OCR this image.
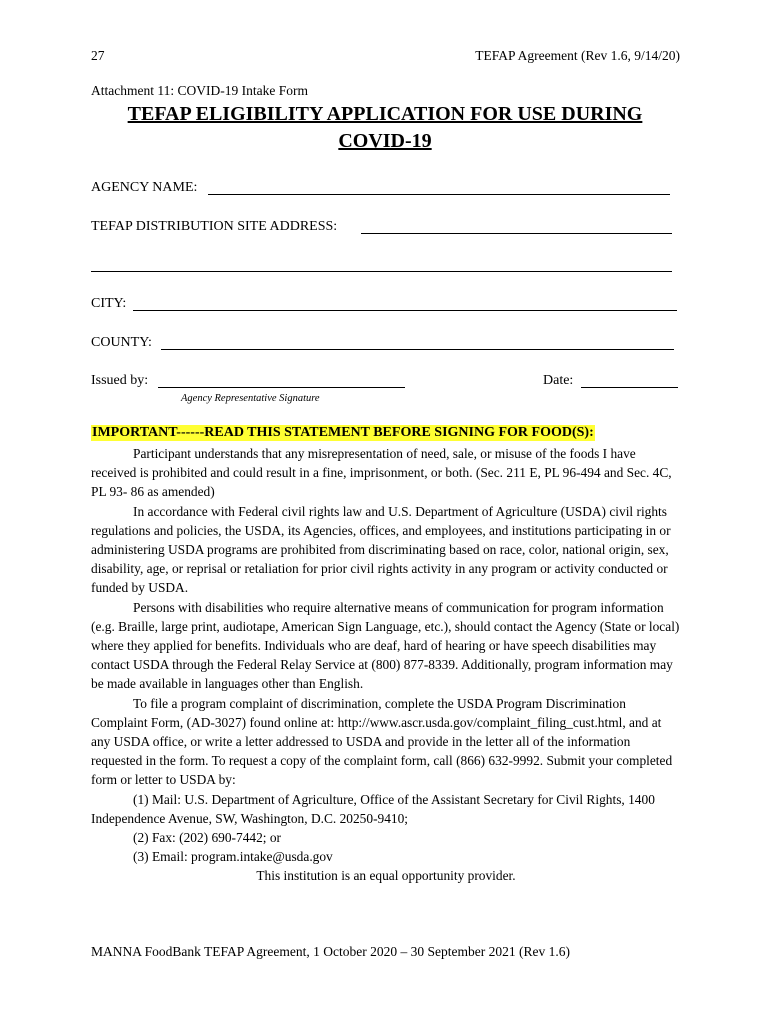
27	TEFAP Agreement (Rev 1.6, 9/14/20)
Attachment 11: COVID-19 Intake Form
TEFAP ELIGIBILITY APPLICATION FOR USE DURING
COVID-19
AGENCY NAME:
TEFAP DISTRIBUTION SITE ADDRESS:
CITY:
COUNTY:
Issued by:	Date:
Agency Representative Signature
IMPORTANT------READ THIS STATEMENT BEFORE SIGNING FOR FOOD(S):

Participant understands that any misrepresentation of need, sale, or misuse of the foods I have received is prohibited and could result in a fine, imprisonment, or both. (Sec. 211 E, PL 96-494 and Sec. 4C, PL 93- 86 as amended)

In accordance with Federal civil rights law and U.S. Department of Agriculture (USDA) civil rights regulations and policies, the USDA, its Agencies, offices, and employees, and institutions participating in or administering USDA programs are prohibited from discriminating based on race, color, national origin, sex, disability, age, or reprisal or retaliation for prior civil rights activity in any program or activity conducted or funded by USDA.

Persons with disabilities who require alternative means of communication for program information (e.g. Braille, large print, audiotape, American Sign Language, etc.), should contact the Agency (State or local) where they applied for benefits. Individuals who are deaf, hard of hearing or have speech disabilities may contact USDA through the Federal Relay Service at (800) 877-8339. Additionally, program information may be made available in languages other than English.

To file a program complaint of discrimination, complete the USDA Program Discrimination Complaint Form, (AD-3027) found online at: http://www.ascr.usda.gov/complaint_filing_cust.html, and at any USDA office, or write a letter addressed to USDA and provide in the letter all of the information requested in the form. To request a copy of the complaint form, call (866) 632-9992. Submit your completed form or letter to USDA by:

(1) Mail: U.S. Department of Agriculture, Office of the Assistant Secretary for Civil Rights, 1400 Independence Avenue, SW, Washington, D.C. 20250-9410;

(2) Fax: (202) 690-7442; or

(3) Email: program.intake@usda.gov

This institution is an equal opportunity provider.

MANNA FoodBank TEFAP Agreement, 1 October 2020 – 30 September 2021 (Rev 1.6)
